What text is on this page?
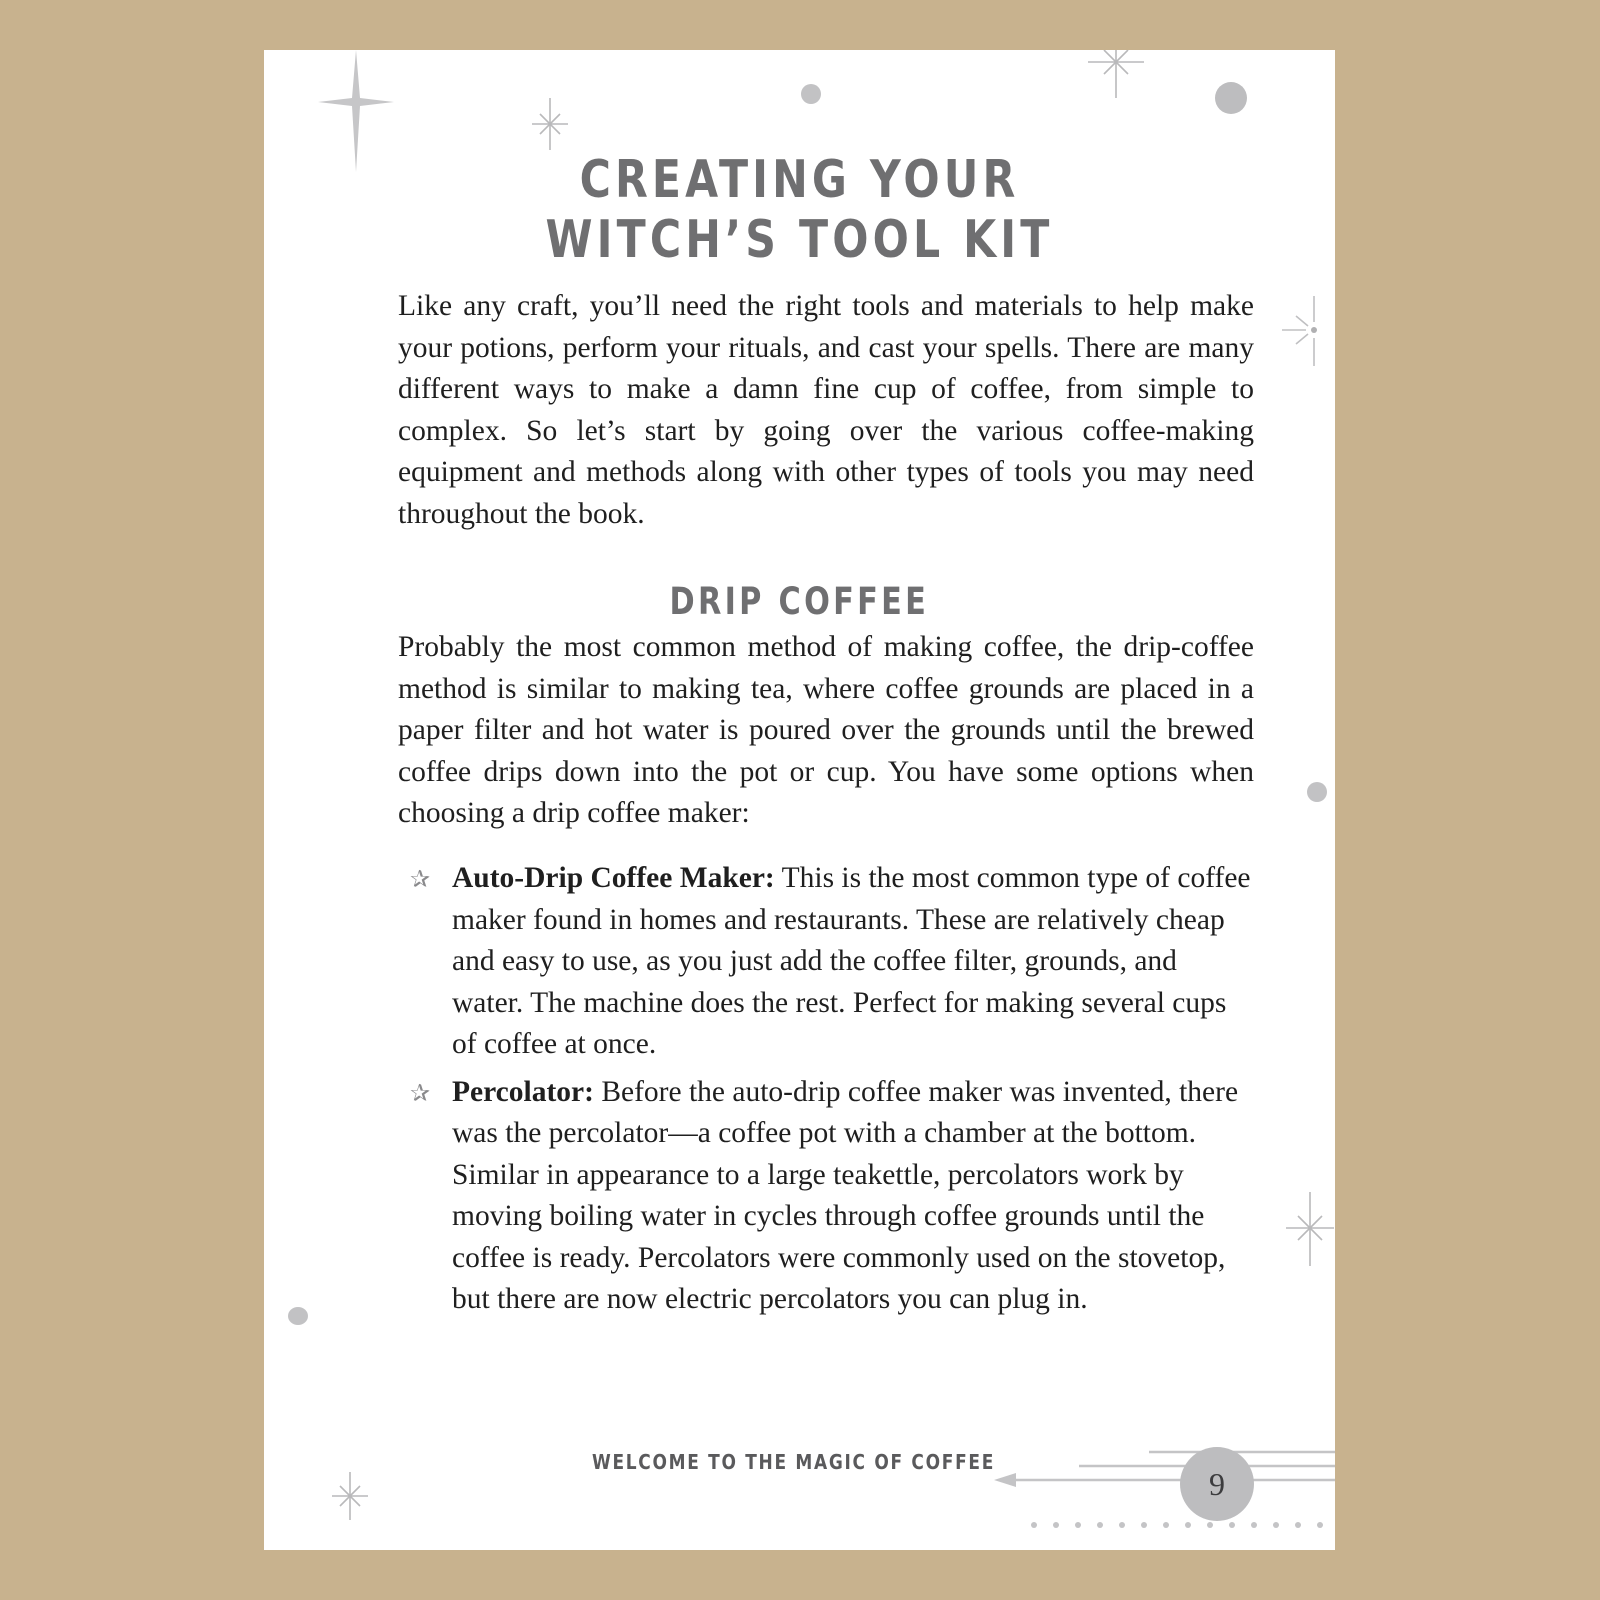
CREATING YOUR
WITCH’S TOOL KIT

Like any craft, you’ll need the right tools and materials to help make your potions, perform your rituals, and cast your spells. There are many different ways to make a damn fine cup of coffee, from simple to complex. So let’s start by going over the various coffee-making equipment and methods along with other types of tools you may need throughout the book.

DRIP COFFEE

Probably the most common method of making coffee, the drip-coffee method is similar to making tea, where coffee grounds are placed in a paper filter and hot water is poured over the grounds until the brewed coffee drips down into the pot or cup. You have some options when choosing a drip coffee maker:

✰ Auto-Drip Coffee Maker: This is the most common type of coffee maker found in homes and restaurants. These are relatively cheap and easy to use, as you just add the coffee filter, grounds, and water. The machine does the rest. Perfect for making several cups of coffee at once.
✰ Percolator: Before the auto-drip coffee maker was invented, there was the percolator—a coffee pot with a chamber at the bottom. Similar in appearance to a large teakettle, percolators work by moving boiling water in cycles through coffee grounds until the coffee is ready. Percolators were commonly used on the stovetop, but there are now electric percolators you can plug in.
WELCOME TO THE MAGIC OF COFFEE
9
